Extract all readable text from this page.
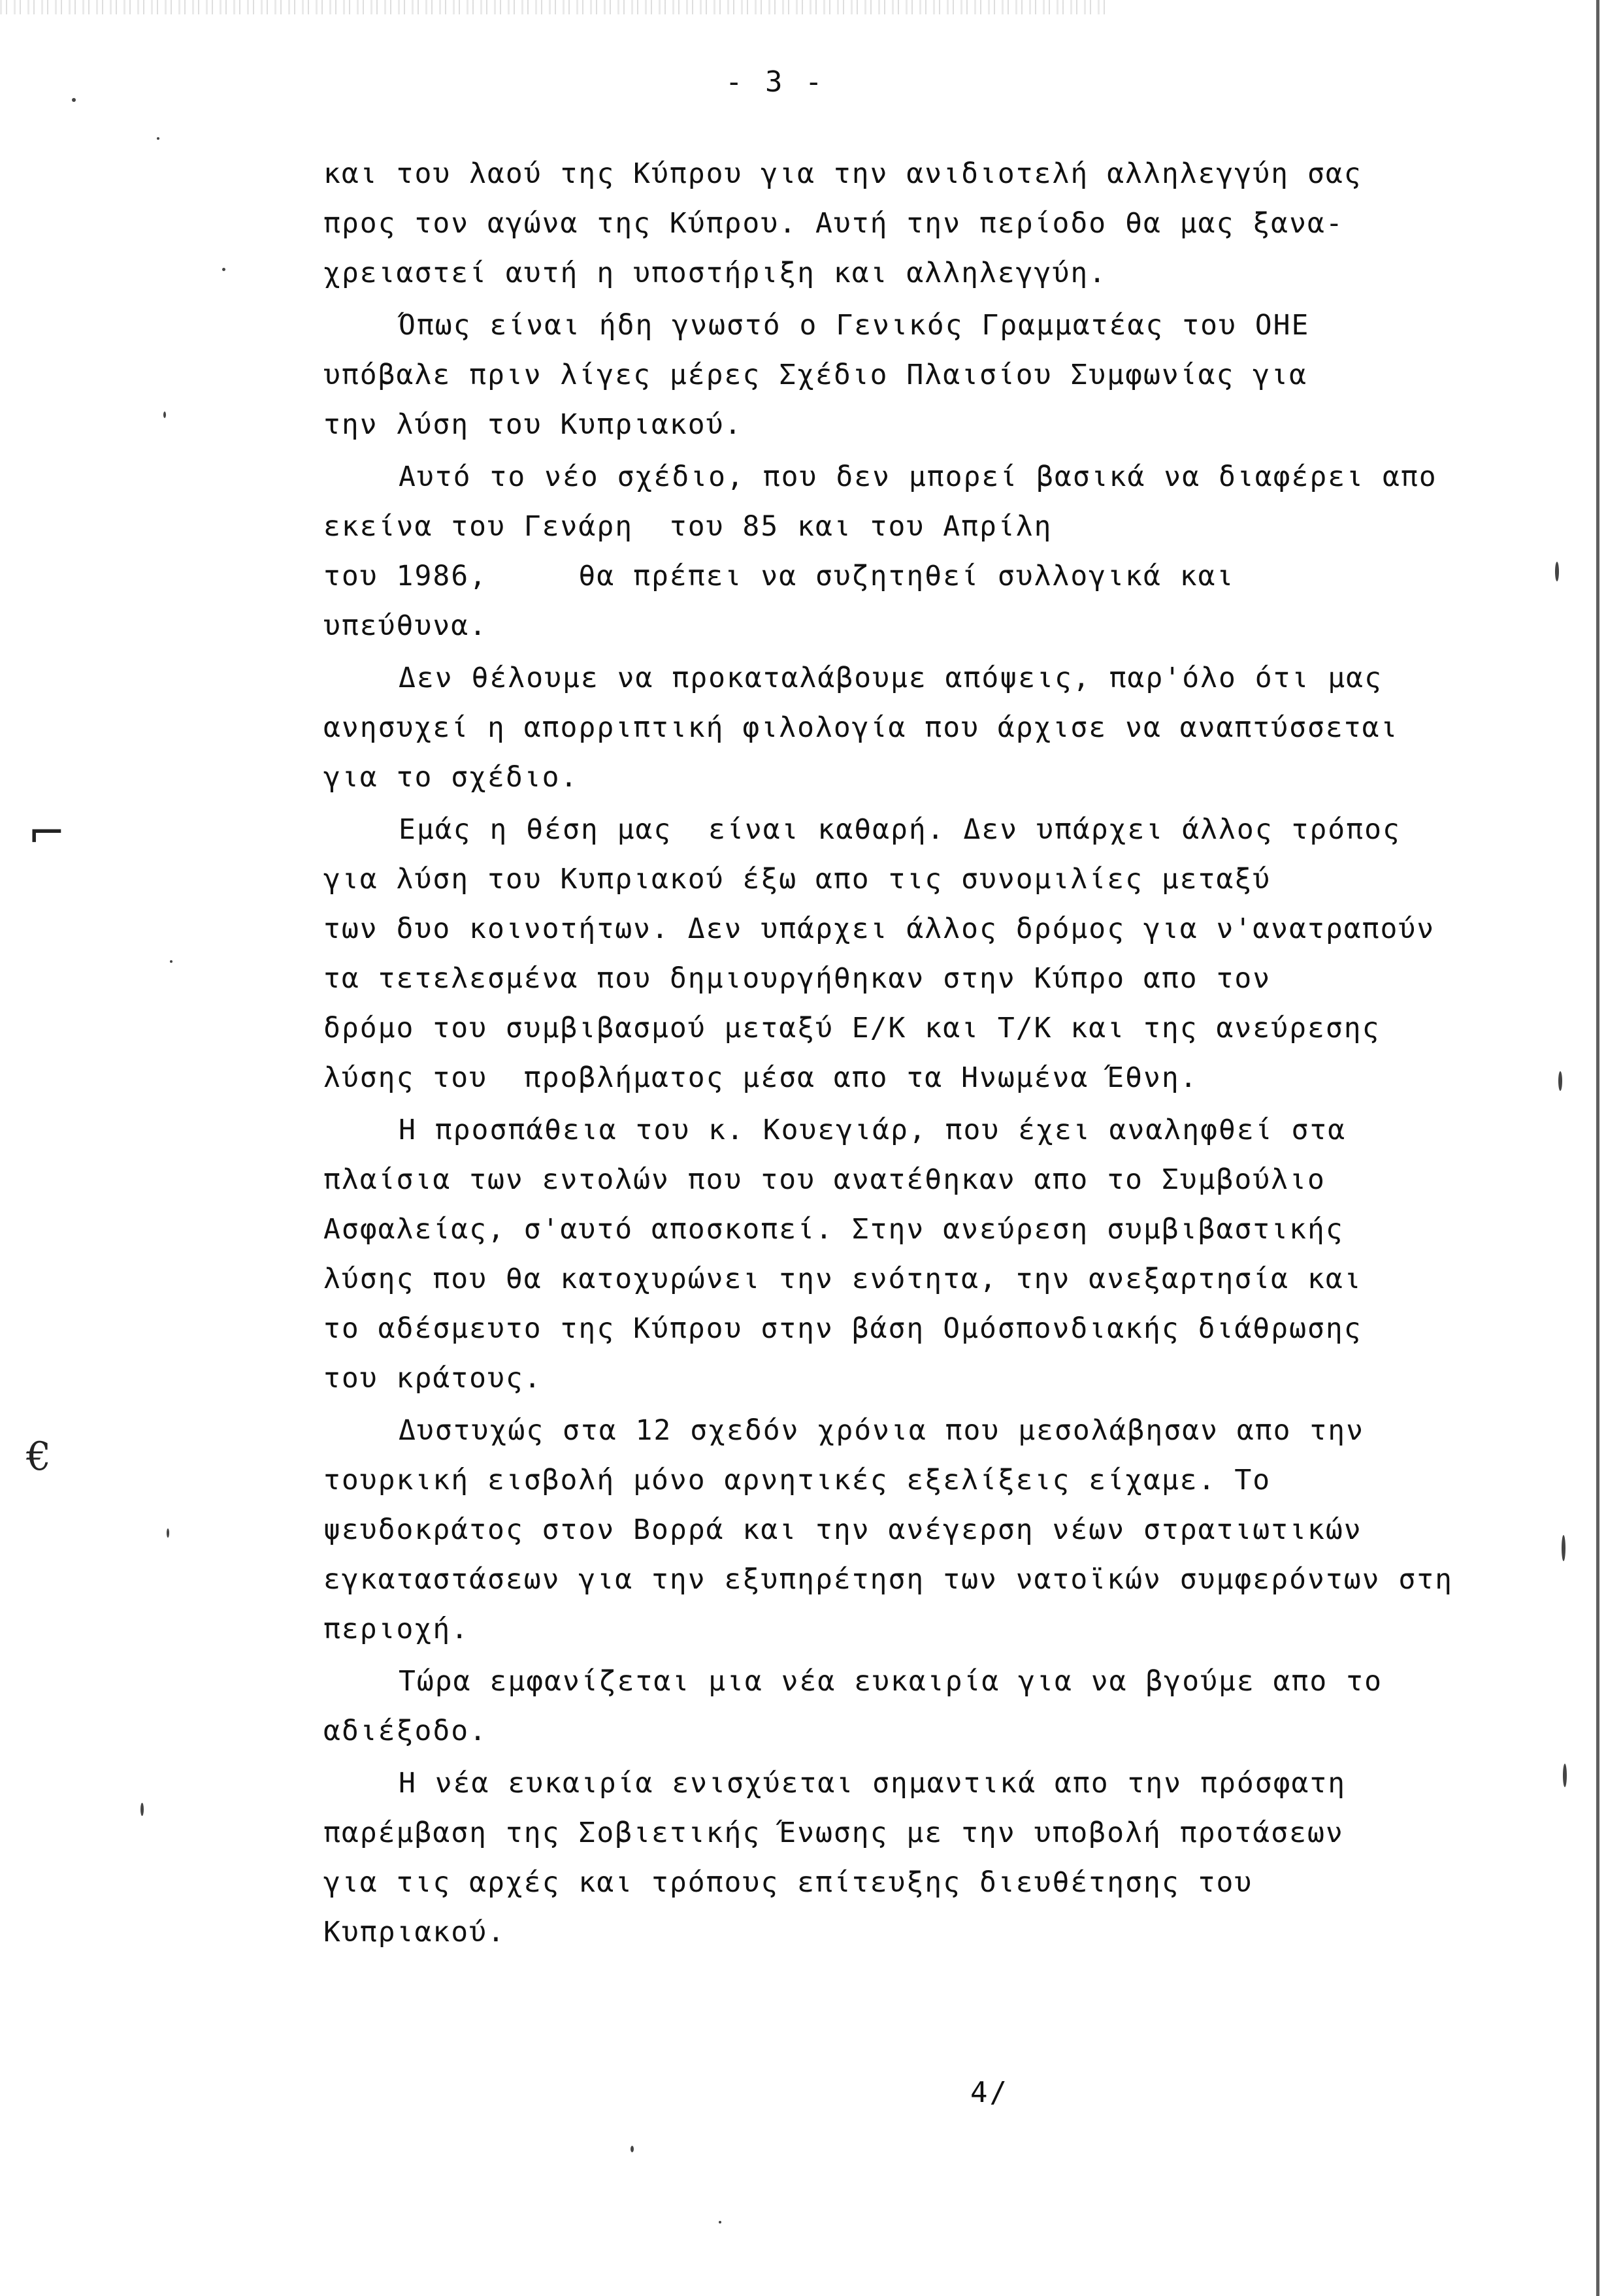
⌐
€
- 3 -
και του λαού της Κύπρου για την ανιδιοτελή αλληλεγγύη σας
προς τον αγώνα της Κύπρου. Αυτή την περίοδο θα μας ξανα-
χρειαστεί αυτή η υποστήριξη και αλληλεγγύη.
Όπως είναι ήδη γνωστό ο Γενικός Γραμματέας του ΟΗΕ
υπόβαλε πριν λίγες μέρες Σχέδιο Πλαισίου Συμφωνίας για
την λύση του Κυπριακού.
Αυτό το νέο σχέδιο, που δεν μπορεί βασικά να διαφέρει απο
εκείνα του Γενάρη  του 85 και του Απρίλη
του 1986,     θα πρέπει να συζητηθεί συλλογικά και
υπεύθυνα.
Δεν θέλουμε να προκαταλάβουμε απόψεις, παρ'όλο ότι μας
ανησυχεί η απορριπτική φιλολογία που άρχισε να αναπτύσσεται
για το σχέδιο.
Εμάς η θέση μας  είναι καθαρή. Δεν υπάρχει άλλος τρόπος
για λύση του Κυπριακού έξω απο τις συνομιλίες μεταξύ
των δυο κοινοτήτων. Δεν υπάρχει άλλος δρόμος για ν'ανατραπούν
τα τετελεσμένα που δημιουργήθηκαν στην Κύπρο απο τον
δρόμο του συμβιβασμού μεταξύ Ε/Κ και Τ/Κ και της ανεύρεσης
λύσης του  προβλήματος μέσα απο τα Ηνωμένα Έθνη.
Η προσπάθεια του κ. Κουεγιάρ, που έχει αναληφθεί στα
πλαίσια των εντολών που του ανατέθηκαν απο το Συμβούλιο
Ασφαλείας, σ'αυτό αποσκοπεί. Στην ανεύρεση συμβιβαστικής
λύσης που θα κατοχυρώνει την ενότητα, την ανεξαρτησία και
το αδέσμευτο της Κύπρου στην βάση Ομόσπονδιακής διάθρωσης
του κράτους.
Δυστυχώς στα 12 σχεδόν χρόνια που μεσολάβησαν απο την
τουρκική εισβολή μόνο αρνητικές εξελίξεις είχαμε. Το
ψευδοκράτος στον Βορρά και την ανέγερση νέων στρατιωτικών
εγκαταστάσεων για την εξυπηρέτηση των νατοϊκών συμφερόντων στη
περιοχή.
Τώρα εμφανίζεται μια νέα ευκαιρία για να βγούμε απο το
αδιέξοδο.
Η νέα ευκαιρία ενισχύεται σημαντικά απο την πρόσφατη
παρέμβαση της Σοβιετικής Ένωσης με την υποβολή προτάσεων
για τις αρχές και τρόπους επίτευξης διευθέτησης του
Κυπριακού.
4/
